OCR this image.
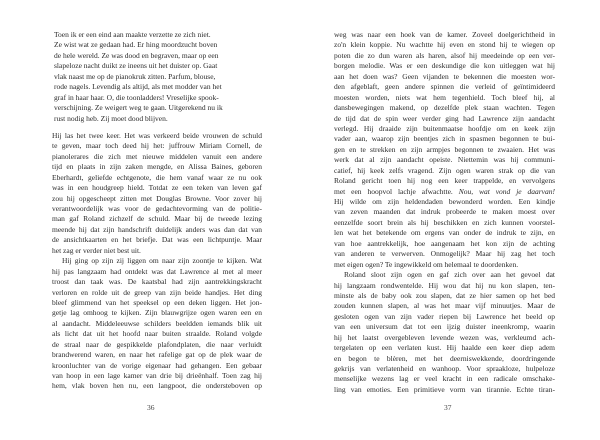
Toen ik er een eind aan maakte verzette ze zich niet.
Ze wist wat ze gedaan had. Er hing moordzucht boven
de hele wereld. Ze was dood en begraven, maar op een
slapeloze nacht duikt ze ineens uit het duister op. Gaat
vlak naast me op de pianokruk zitten. Parfum, blouse,
rode nagels. Levendig als altijd, als met modder van het
graf in haar haar. O, die toonladders! Vreselijke spook-
verschijning. Ze weigert weg te gaan. Uitgerekend nu ik
rust nodig heb. Zij moet dood blijven.
Hij las het twee keer. Het was verkeerd beide vrouwen de schuld
te geven, maar toch deed hij het: juffrouw Miriam Cornell, de
pianolerares die zich met nieuwe middelen vanuit een andere
tijd en plaats in zijn zaken mengde, en Alissa Baines, geboren
Eberhardt, geliefde echtgenote, die hem vanaf waar ze nu ook
was in een houdgreep hield. Totdat ze een teken van leven gaf
zou hij opgescheept zitten met Douglas Browne. Voor zover hij
verantwoordelijk was voor de gedachtevorming van de politie-
man gaf Roland zichzelf de schuld. Maar bij de tweede lezing
meende hij dat zijn handschrift duidelijk anders was dan dat van
de ansichtkaarten en het briefje. Dat was een lichtpuntje. Maar
het zag er verder niet best uit.
Hij ging op zijn zij liggen om naar zijn zoontje te kijken. Wat
hij pas langzaam had ontdekt was dat Lawrence al met al meer
troost dan taak was. De kaatsbal had zijn aantrekkingskracht
verloren en rolde uit de greep van zijn beide handjes. Het ding
bleef glimmend van het speeksel op een deken liggen. Het jon-
getje lag omhoog te kijken. Zijn blauwgrijze ogen waren een en
al aandacht. Middeleeuwse schilders beeldden iemands blik uit
als licht dat uit het hoofd naar buiten straalde. Roland volgde
de straal naar de gespikkelde plafondplaten, die naar verluidt
brandwerend waren, en naar het rafelige gat op de plek waar de
kroonluchter van de vorige eigenaar had gehangen. Een gebaar
van hoop in een lage kamer van drie bij drieënhalf. Toen zag hij
hem, vlak boven hen nu, een langpoot, die ondersteboven op
36
weg was naar een hoek van de kamer. Zoveel doelgerichtheid in
zo'n klein koppie. Nu wachtte hij even en stond hij te wiegen op
poten die zo dun waren als haren, alsof hij meedeinde op een ver-
borgen melodie. Was er een deskundige die kon uitleggen wat hij
aan het doen was? Geen vijanden te bekennen die moesten wor-
den afgeblaft, geen andere spinnen die verleid of geïntimideerd
moesten worden, niets wat hem tegenhield. Toch bleef hij, al
dansbewegingen makend, op dezelfde plek staan wachten. Tegen
de tijd dat de spin weer verder ging had Lawrence zijn aandacht
verlegd. Hij draaide zijn buitenmaatse hoofdje om en keek zijn
vader aan, waarop zijn beentjes zich in spasmen begonnen te bui-
gen en te strekken en zijn armpjes begonnen te zwaaien. Het was
werk dat al zijn aandacht opeiste. Niettemin was hij communi-
catief, hij keek zelfs vragend. Zijn ogen waren strak op die van
Roland gericht toen hij nog een keer trappelde, en vervolgens
met een hoopvol lachje afwachtte. Nou, wat vond je daarvan!
Hij wilde om zijn heldendaden bewonderd worden. Een kindje
van zeven maanden dat indruk probeerde te maken moest over
eenzelfde soort brein als hij beschikken en zich kunnen voorstel-
len wat het betekende om ergens van onder de indruk te zijn, en
van hoe aantrekkelijk, hoe aangenaam het kon zijn de achting
van anderen te verwerven. Onmogelijk? Maar hij zag het toch
met eigen ogen? Te ingewikkeld om helemaal te doordenken.
Roland sloot zijn ogen en gaf zich over aan het gevoel dat
hij langzaam rondwentelde. Hij wou dat hij nu kon slapen, ten-
minste als de baby ook zou slapen, dat ze hier samen op het bed
zouden kunnen slapen, al was het maar vijf minuutjes. Maar de
gesloten ogen van zijn vader riepen bij Lawrence het beeld op
van een universum dat tot een ijzig duister ineenkromp, waarin
hij het laatst overgebleven levende wezen was, verkleumd ach-
tergelaten op een verlaten kust. Hij haalde een keer diep adem
en begon te blèren, met het deerniswekkende, doordringende
gekrijs van verlatenheid en wanhoop. Voor spraakloze, hulpeloze
menselijke wezens lag er veel kracht in een radicale omschake-
ling van emoties. Een primitieve vorm van tirannie. Echte tiran-
37
